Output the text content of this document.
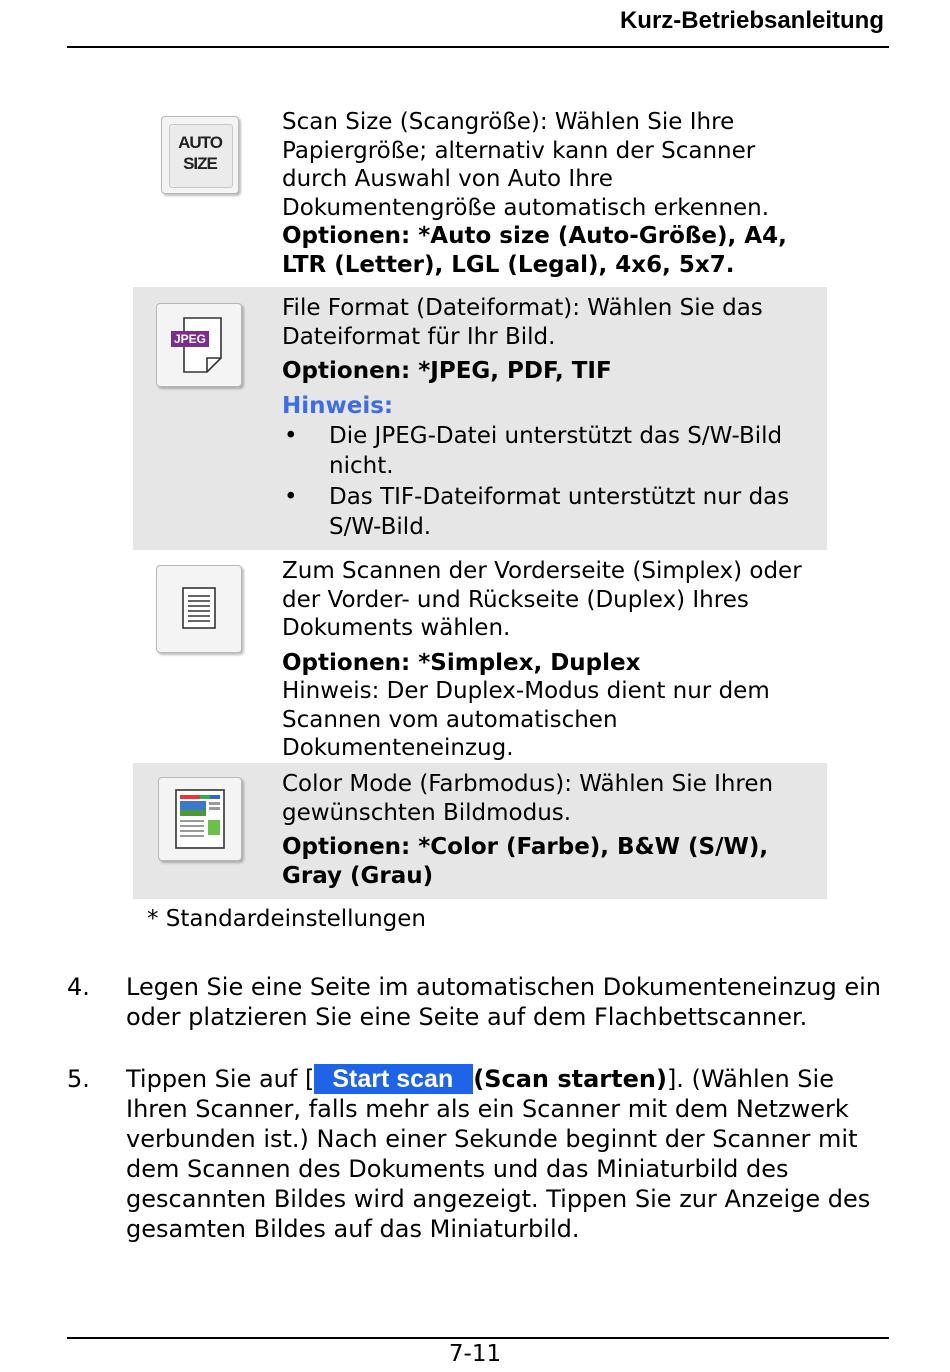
Kurz-Betriebsanleitung
AUTO
SIZE

Scan Size (Scangröße): Wählen Sie Ihre Papiergröße; alternativ kann der Scanner durch Auswahl von Auto Ihre Dokumentengröße automatisch erkennen.

Optionen: *Auto size (Auto-Größe), A4, LTR (Letter), LGL (Legal), 4x6, 5x7.

JPEG

File Format (Dateiformat): Wählen Sie das Dateiformat für Ihr Bild.

Optionen: *JPEG, PDF, TIF

Hinweis:

• Die JPEG-Datei unterstützt das S/W-Bild nicht.
• Das TIF-Dateiformat unterstützt nur das S/W-Bild.

Zum Scannen der Vorderseite (Simplex) oder der Vorder- und Rückseite (Duplex) Ihres Dokuments wählen.

Optionen: *Simplex, Duplex

Hinweis: Der Duplex-Modus dient nur dem Scannen vom automatischen Dokumenteneinzug.

Color Mode (Farbmodus): Wählen Sie Ihren gewünschten Bildmodus.

Optionen: *Color (Farbe), B&W (S/W), Gray (Grau)

* Standardeinstellungen
4. Legen Sie eine Seite im automatischen Dokumenteneinzug ein oder platzieren Sie eine Seite auf dem Flachbettscanner.
5. Tippen Sie auf [ Start scan (Scan starten)]. (Wählen Sie Ihren Scanner, falls mehr als ein Scanner mit dem Netzwerk verbunden ist.) Nach einer Sekunde beginnt der Scanner mit dem Scannen des Dokuments und das Miniaturbild des gescannten Bildes wird angezeigt. Tippen Sie zur Anzeige des gesamten Bildes auf das Miniaturbild.
7-11
